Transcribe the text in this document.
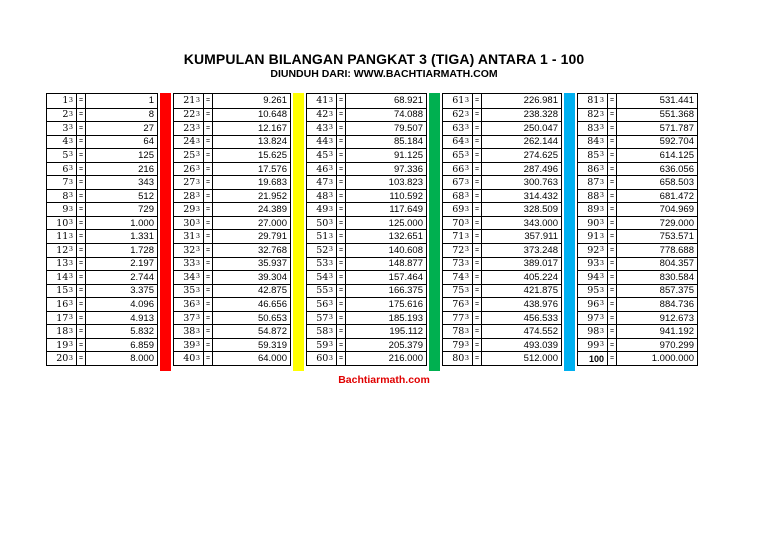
KUMPULAN BILANGAN PANGKAT 3 (TIGA) ANTARA 1 - 100
DIUNDUH DARI: WWW.BACHTIARMATH.COM
$1^3$ =	1
$2^3$ =	8
$3^3$ =	27
$4^3$ =	64
$5^3$ =	125
$6^3$ =	216
$7^3$ =	343
$8^3$ =	512
$9^3$ =	729
$10^3$ =	1.000
$11^3$ =	1.331
$12^3$ =	1.728
$13^3$ =	2.197
$14^3$ =	2.744
$15^3$ =	3.375
$16^3$ =	4.096
$17^3$ =	4.913
$18^3$ =	5.832
$19^3$ =	6.859
$20^3$ =	8.000
$21^3$ =	9.261
$22^3$ =	10.648
$23^3$ =	12.167
$24^3$ =	13.824
$25^3$ =	15.625
$26^3$ =	17.576
$27^3$ =	19.683
$28^3$ =	21.952
$29^3$ =	24.389
$30^3$ =	27.000
$31^3$ =	29.791
$32^3$ =	32.768
$33^3$ =	35.937
$34^3$ =	39.304
$35^3$ =	42.875
$36^3$ =	46.656
$37^3$ =	50.653
$38^3$ =	54.872
$39^3$ =	59.319
$40^3$ =	64.000
$41^3$ =	68.921
$42^3$ =	74.088
$43^3$ =	79.507
$44^3$ =	85.184
$45^3$ =	91.125
$46^3$ =	97.336
$47^3$ =	103.823
$48^3$ =	110.592
$49^3$ =	117.649
$50^3$ =	125.000
$51^3$ =	132.651
$52^3$ =	140.608
$53^3$ =	148.877
$54^3$ =	157.464
$55^3$ =	166.375
$56^3$ =	175.616
$57^3$ =	185.193
$58^3$ =	195.112
$59^3$ =	205.379
$60^3$ =	216.000
$61^3$ =	226.981
$62^3$ =	238.328
$63^3$ =	250.047
$64^3$ =	262.144
$65^3$ =	274.625
$66^3$ =	287.496
$67^3$ =	300.763
$68^3$ =	314.432
$69^3$ =	328.509
$70^3$ =	343.000
$71^3$ =	357.911
$72^3$ =	373.248
$73^3$ =	389.017
$74^3$ =	405.224
$75^3$ =	421.875
$76^3$ =	438.976
$77^3$ =	456.533
$78^3$ =	474.552
$79^3$ =	493.039
$80^3$ =	512.000
$81^3$ =	531.441
$82^3$ =	551.368
$83^3$ =	571.787
$84^3$ =	592.704
$85^3$ =	614.125
$86^3$ =	636.056
$87^3$ =	658.503
$88^3$ =	681.472
$89^3$ =	704.969
$90^3$ =	729.000
$91^3$ =	753.571
$92^3$ =	778.688
$93^3$ =	804.357
$94^3$ =	830.584
$95^3$ =	857.375
$96^3$ =	884.736
$97^3$ =	912.673
$98^3$ =	941.192
$99^3$ =	970.299
100 =	1.000.000
Bachtiarmath.com
